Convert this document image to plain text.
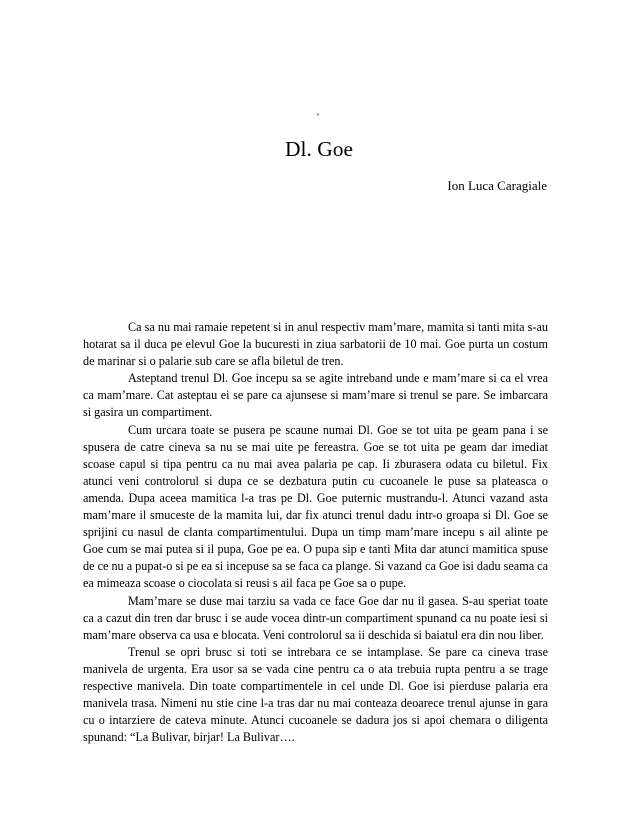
`
Dl. Goe
Ion Luca Caragiale

Ca sa nu mai ramaie repetent si in anul respectiv mam’mare, mamita si tanti mita s-au hotarat sa il duca pe elevul Goe la bucuresti in ziua sarbatorii de 10 mai. Goe purta un costum de marinar si o palarie sub care se afla biletul de tren.

Asteptand trenul Dl. Goe incepu sa se agite intreband unde e mam’mare si ca el vrea ca mam’mare. Cat asteptau ei se pare ca ajunsese si mam’mare si trenul se pare. Se imbarcara si gasira un compartiment.

Cum urcara toate se pusera pe scaune numai Dl. Goe se tot uita pe geam pana i se spusera de catre cineva sa nu se mai uite pe fereastra. Goe se tot uita pe geam dar imediat scoase capul si tipa pentru ca nu mai avea palaria pe cap. Ii zburasera odata cu biletul. Fix atunci veni controlorul si dupa ce se dezbatura putin cu cucoanele le puse sa plateasca o amenda. Dupa aceea mamitica l-a tras pe Dl. Goe puternic mustrandu-l. Atunci vazand asta mam’mare il smuceste de la mamita lui, dar fix atunci trenul dadu intr-o groapa si Dl. Goe se sprijini cu nasul de clanta compartimentului. Dupa un timp mam’mare incepu s ail alinte pe Goe cum se mai putea si il pupa, Goe pe ea. O pupa sip e tanti Mita dar atunci mamitica spuse de ce nu a pupat-o si pe ea si incepuse sa se faca ca plange. Si vazand ca Goe isi dadu seama ca ea mimeaza scoase o ciocolata si reusi s ail faca pe Goe sa o pupe.

Mam’mare se duse mai tarziu sa vada ce face Goe dar nu il gasea. S-au speriat toate ca a cazut din tren dar brusc i se aude vocea dintr-un compartiment spunand ca nu poate iesi si mam’mare observa ca usa e blocata. Veni controlorul sa ii deschida si baiatul era din nou liber.

Trenul se opri brusc si toti se intrebara ce se intamplase. Se pare ca cineva trase manivela de urgenta. Era usor sa se vada cine pentru ca o ata trebuia rupta pentru a se trage respective manivela. Din toate compartimentele in cel unde Dl. Goe isi pierduse palaria era manivela trasa. Nimeni nu stie cine l-a tras dar nu mai conteaza deoarece trenul ajunse in gara cu o intarziere de cateva minute. Atunci cucoanele se dadura jos si apoi chemara o diligenta spunand: “La Bulivar, birjar! La Bulivar….
